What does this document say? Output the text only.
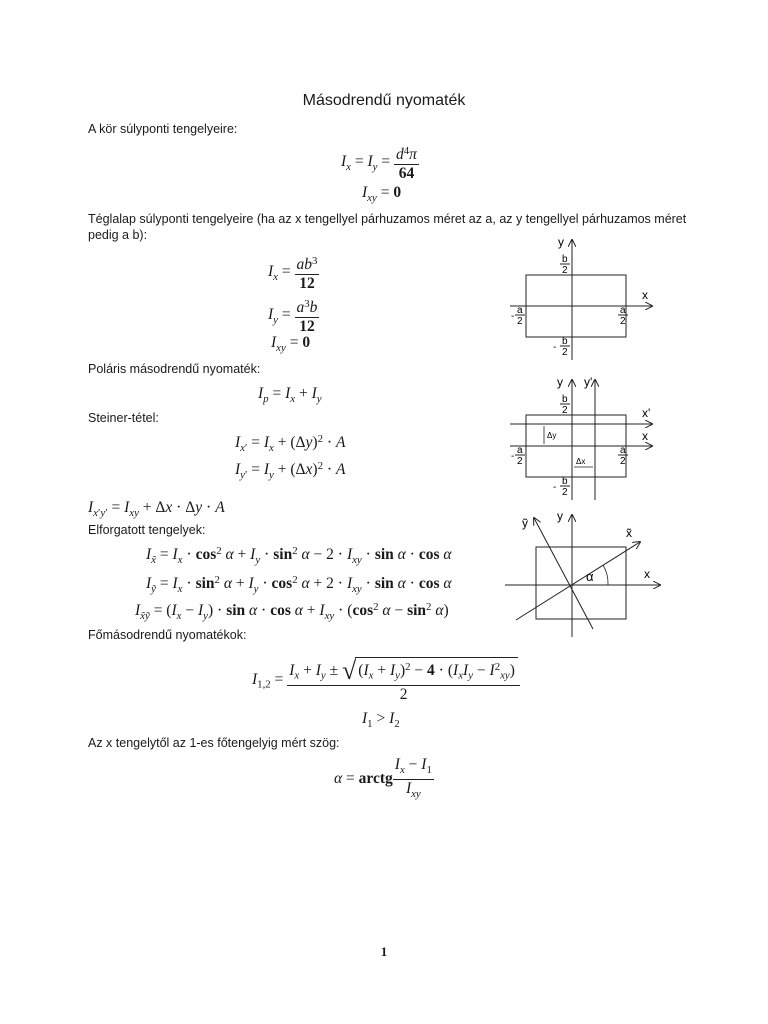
Másodrendű nyomaték
A kör súlyponti tengelyeire:
$I_x = I_y = \frac{d^4\pi}{64}$
$I_{xy} = 0$
Téglalap súlyponti tengelyeire (ha az x tengellyel párhuzamos méret az a, az y tengellyel párhuzamos méret pedig a b):
$I_x = \frac{ab^3}{12}$
$I_y = \frac{a^3b}{12}$
$I_{xy} = 0$
Poláris másodrendű nyomaték:
$I_p = I_x + I_y$
Steiner-tétel:
$I_{x'} = I_x + (\Delta y)^2 \cdot A$
$I_{y'} = I_y + (\Delta x)^2 \cdot A$
$I_{x'y'} = I_{xy} + \Delta x \cdot \Delta y \cdot A$
Elforgatott tengelyek:
$I_{x̃} = I_x \cdot \cos^2 \alpha + I_y \cdot \sin^2 \alpha - 2 \cdot I_{xy} \cdot \sin \alpha \cdot \cos \alpha$
$I_ỹ = I_x \cdot \sin^2 \alpha + I_y \cdot \cos^2 \alpha + 2 \cdot I_{xy} \cdot \sin \alpha \cdot \cos \alpha$
$I_{x̃ỹ} = (I_x - I_y) \cdot \sin \alpha \cdot \cos \alpha + I_{xy} \cdot (\cos^2$ $\alpha - \sin^2 \alpha$)
Főmásodrendű nyomatékok:
$I_{1,2} = \frac{I_x + I_y \pm √ (I_x + I_y)^2 - 4 \cdot (I_xI_y - I^2_{xy})}{2}$
$I_1 > I_2$
Az x tengelytől az 1-es főtengelyig mért szög:
α = arctg $\frac{I_x - I_1}{I_{xy}}$
y
x
b
2
-
a
2
a
2
-
b
2
y y'
x'
x
b
2
Δy
Δx
-
a
2
a
2
-
b
2
α
ỹ y
x̃
x
1
